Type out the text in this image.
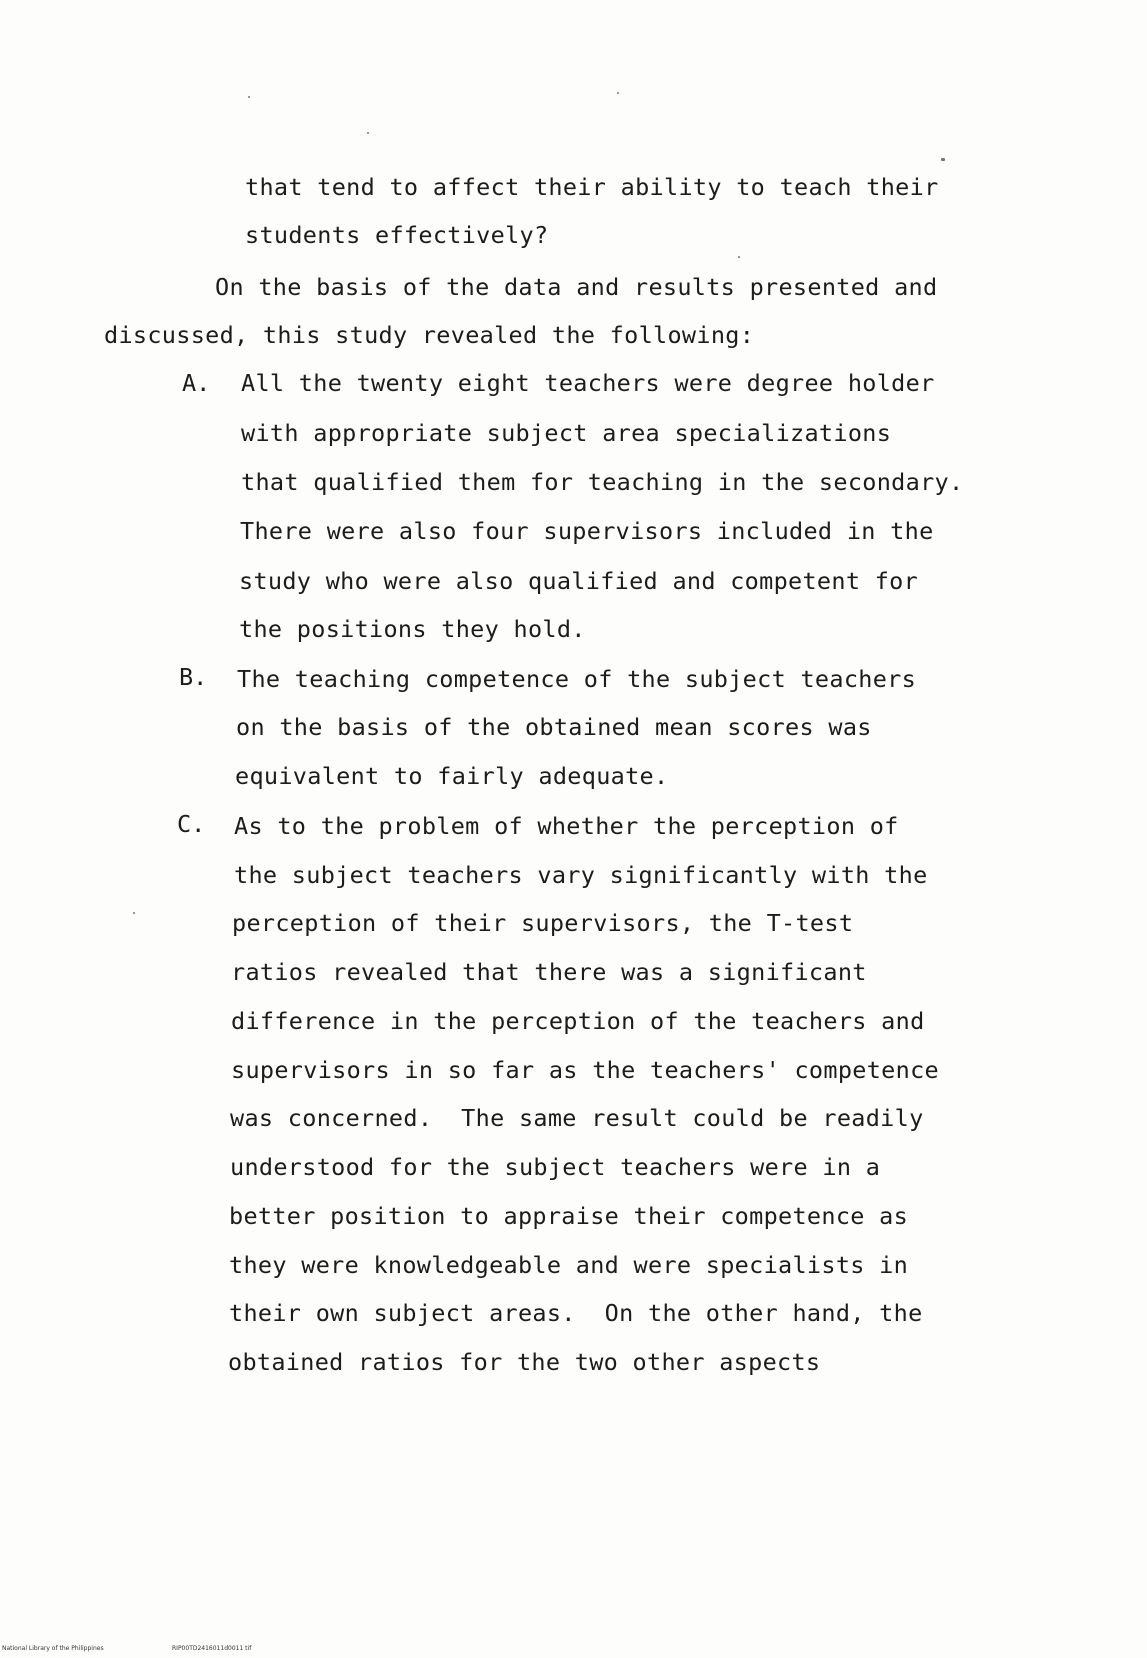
that tend to affect their ability to teach their
students effectively?
On the basis of the data and results presented and
discussed, this study revealed the following:
A. All the twenty eight teachers were degree holder
with appropriate subject area specializations
that qualified them for teaching in the secondary.
There were also four supervisors included in the
study who were also qualified and competent for
the positions they hold.
B. The teaching competence of the subject teachers
on the basis of the obtained mean scores was
equivalent to fairly adequate.
C. As to the problem of whether the perception of
the subject teachers vary significantly with the
perception of their supervisors, the T-test
ratios revealed that there was a significant
difference in the perception of the teachers and
supervisors in so far as the teachers' competence
was concerned.  The same result could be readily
understood for the subject teachers were in a
better position to appraise their competence as
they were knowledgeable and were specialists in
their own subject areas.  On the other hand, the
obtained ratios for the two other aspects
National Library of the Philippines	RIP00TD2416011d0011 tif
